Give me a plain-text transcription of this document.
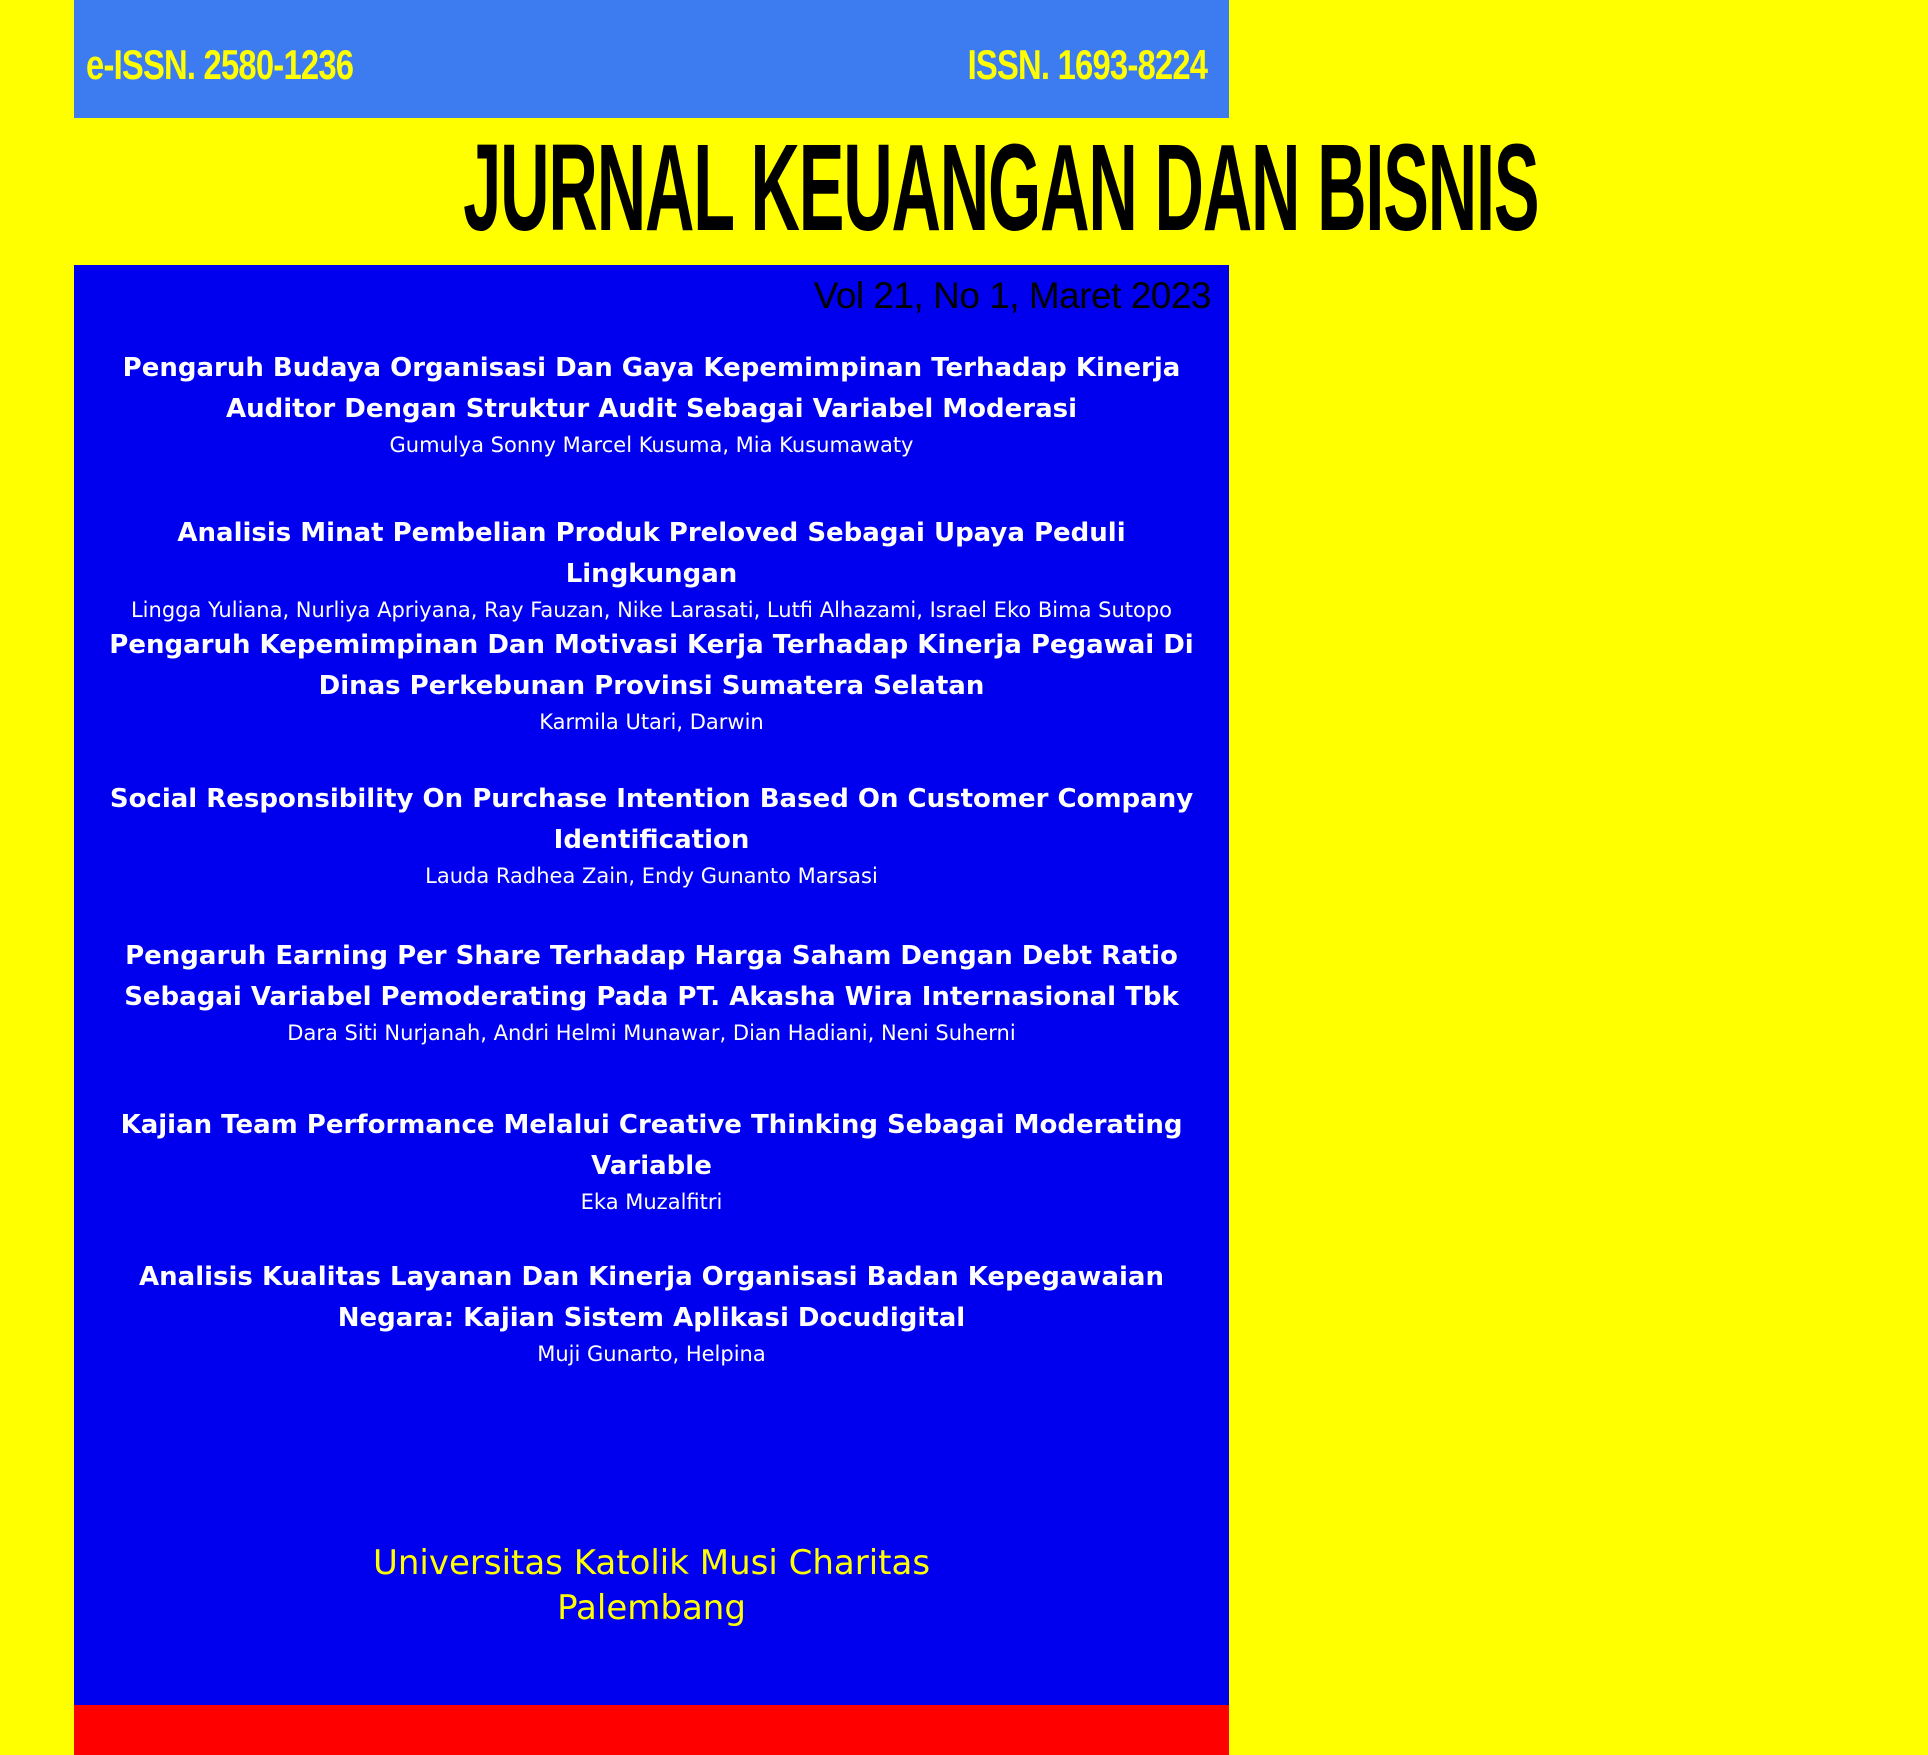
e-ISSN. 2580-1236	ISSN. 1693-8224
JURNAL KEUANGAN DAN BISNIS
Vol 21, No 1, Maret 2023

Pengaruh Budaya Organisasi Dan Gaya Kepemimpinan Terhadap Kinerja Auditor Dengan Struktur Audit Sebagai Variabel Moderasi

Gumulya Sonny Marcel Kusuma, Mia Kusumawaty

Analisis Minat Pembelian Produk Preloved Sebagai Upaya Peduli Lingkungan

Lingga Yuliana, Nurliya Apriyana, Ray Fauzan, Nike Larasati, Lutfi Alhazami, Israel Eko Bima Sutopo

Pengaruh Kepemimpinan Dan Motivasi Kerja Terhadap Kinerja Pegawai Di Dinas Perkebunan Provinsi Sumatera Selatan

Karmila Utari, Darwin

Social Responsibility On Purchase Intention Based On Customer Company Identification

Lauda Radhea Zain, Endy Gunanto Marsasi

Pengaruh Earning Per Share Terhadap Harga Saham Dengan Debt Ratio Sebagai Variabel Pemoderating Pada PT. Akasha Wira Internasional Tbk

Dara Siti Nurjanah, Andri Helmi Munawar, Dian Hadiani, Neni Suherni

Kajian Team Performance Melalui Creative Thinking Sebagai Moderating Variable

Eka Muzalfitri

Analisis Kualitas Layanan Dan Kinerja Organisasi Badan Kepegawaian Negara: Kajian Sistem Aplikasi Docudigital

Muji Gunarto, Helpina

Universitas Katolik Musi Charitas
Palembang
